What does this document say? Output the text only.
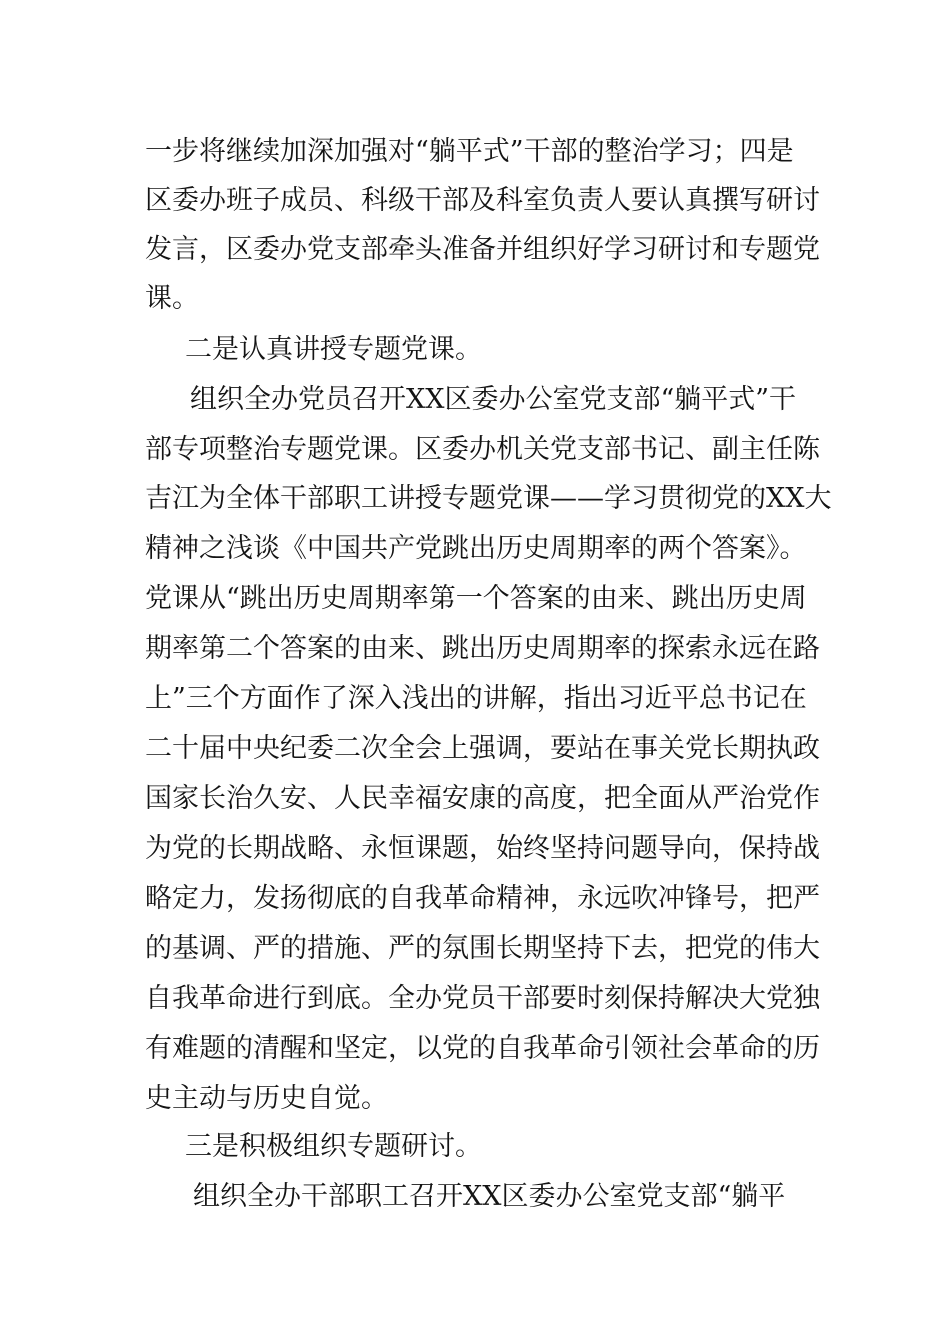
一步将继续加深加强对“躺平式”干部的整治学习；四是

区委办班子成员、科级干部及科室负责人要认真撰写研讨

发言，区委办党支部牵头准备并组织好学习研讨和专题党

课。

二是认真讲授专题党课。

组织全办党员召开XX区委办公室党支部“躺平式”干

部专项整治专题党课。区委办机关党支部书记、副主任陈

吉江为全体干部职工讲授专题党课——学习贯彻党的XX大

精神之浅谈《中国共产党跳出历史周期率的两个答案》。

党课从“跳出历史周期率第一个答案的由来、跳出历史周

期率第二个答案的由来、跳出历史周期率的探索永远在路

上”三个方面作了深入浅出的讲解，指出习近平总书记在

二十届中央纪委二次全会上强调，要站在事关党长期执政

国家长治久安、人民幸福安康的高度，把全面从严治党作

为党的长期战略、永恒课题，始终坚持问题导向，保持战

略定力，发扬彻底的自我革命精神，永远吹冲锋号，把严

的基调、严的措施、严的氛围长期坚持下去，把党的伟大

自我革命进行到底。全办党员干部要时刻保持解决大党独

有难题的清醒和坚定，以党的自我革命引领社会革命的历

史主动与历史自觉。

三是积极组织专题研讨。

组织全办干部职工召开XX区委办公室党支部“躺平
